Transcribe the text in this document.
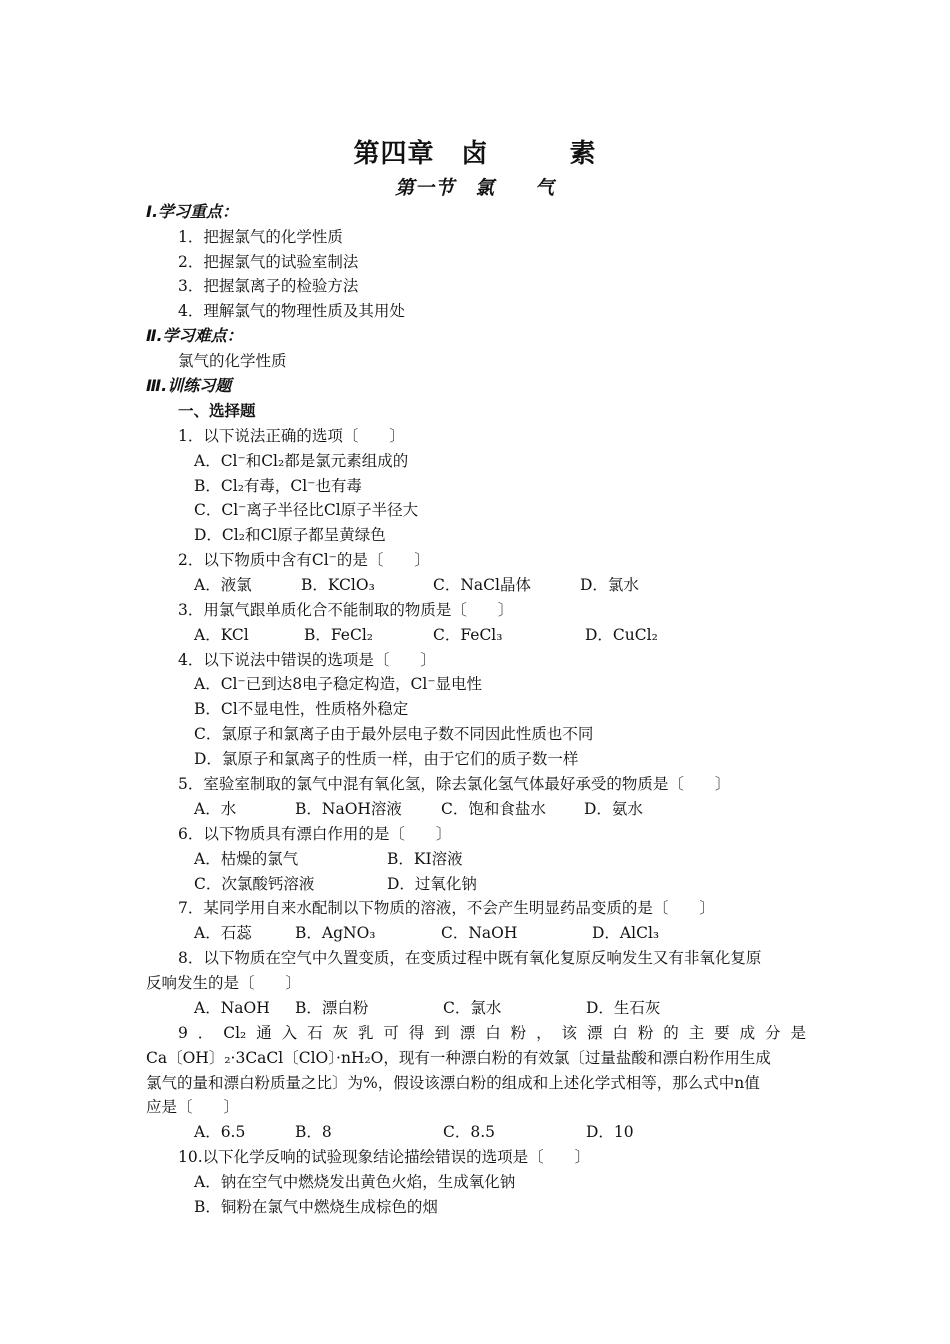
第四章　卤　　　素
第一节　氯　　气
Ⅰ.学习重点：
1．把握氯气的化学性质
2．把握氯气的试验室制法
3．把握氯离子的检验方法
4．理解氯气的物理性质及其用处
Ⅱ.学习难点：
氯气的化学性质
Ⅲ.训练习题
一、选择题
1．以下说法正确的选项〔　　〕
A．Cl⁻和Cl₂都是氯元素组成的
B．Cl₂有毒，Cl⁻也有毒
C．Cl⁻离子半径比Cl原子半径大
D．Cl₂和Cl原子都呈黄绿色
2．以下物质中含有Cl⁻的是〔　　〕
A．液氯	B．KClO₃	C．NaCl晶体	D．氯水
3．用氯气跟单质化合不能制取的物质是〔　　〕
A．KCl	B．FeCl₂	C．FeCl₃	D．CuCl₂
4．以下说法中错误的选项是〔　　〕
A．Cl⁻已到达8电子稳定构造，Cl⁻显电性
B．Cl不显电性，性质格外稳定
C．氯原子和氯离子由于最外层电子数不同因此性质也不同
D．氯原子和氯离子的性质一样，由于它们的质子数一样
5．室验室制取的氯气中混有氧化氢，除去氯化氢气体最好承受的物质是〔　　〕
A．水	B．NaOH溶液	C．饱和食盐水 D．氨水
6．以下物质具有漂白作用的是〔　　〕
A．枯燥的氯气	B．KI溶液
C．次氯酸钙溶液	D．过氧化钠
7．某同学用自来水配制以下物质的溶液，不会产生明显药品变质的是〔　　〕
A．石蕊	B．AgNO₃	C．NaOH	D．AlCl₃
8．以下物质在空气中久置变质，在变质过程中既有氧化复原反响发生又有非氧化复原
反响发生的是〔　　〕
A．NaOH B．漂白粉	C．氯水	D．生石灰
9．Cl₂通入石灰乳可得到漂白粉，该漂白粉的主要成分是
Ca〔OH〕₂·3CaCl〔ClO〕·nH₂O，现有一种漂白粉的有效氯〔过量盐酸和漂白粉作用生成
氯气的量和漂白粉质量之比〕为%，假设该漂白粉的组成和上述化学式相等，那么式中n值
应是〔　　〕
A．6.5	B．8	C．8.5	D．10
10.以下化学反响的试验现象结论描绘错误的选项是〔　　〕
A．钠在空气中燃烧发出黄色火焰，生成氧化钠
B．铜粉在氯气中燃烧生成棕色的烟
